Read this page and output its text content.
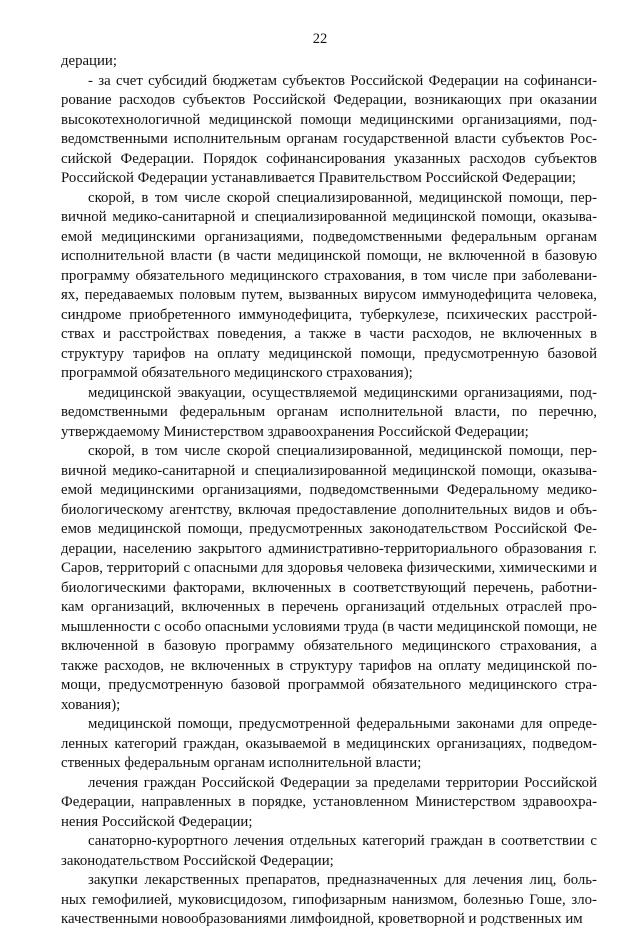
22

дерации;

- за счет субсидий бюджетам субъектов Российской Федерации на софинанси-рование расходов субъектов Российской Федерации, возникающих при оказании высокотехнологичной медицинской помощи медицинскими организациями, под-ведомственными исполнительным органам государственной власти субъектов Рос-сийской Федерации. Порядок софинансирования указанных расходов субъектов Российской Федерации устанавливается Правительством Российской Федерации;

скорой, в том числе скорой специализированной, медицинской помощи, пер-вичной медико-санитарной и специализированной медицинской помощи, оказыва-емой медицинскими организациями, подведомственными федеральным органам исполнительной власти (в части медицинской помощи, не включенной в базовую программу обязательного медицинского страхования, в том числе при заболевани-ях, передаваемых половым путем, вызванных вирусом иммунодефицита человека, синдроме приобретенного иммунодефицита, туберкулезе, психических расстрой-ствах и расстройствах поведения, а также в части расходов, не включенных в структуру тарифов на оплату медицинской помощи, предусмотренную базовой программой обязательного медицинского страхования);

медицинской эвакуации, осуществляемой медицинскими организациями, под-ведомственными федеральным органам исполнительной власти, по перечню, утверждаемому Министерством здравоохранения Российской Федерации;

скорой, в том числе скорой специализированной, медицинской помощи, пер-вичной медико-санитарной и специализированной медицинской помощи, оказыва-емой медицинскими организациями, подведомственными Федеральному медико-биологическому агентству, включая предоставление дополнительных видов и объ-емов медицинской помощи, предусмотренных законодательством Российской Фе-дерации, населению закрытого административно-территориального образования г. Саров, территорий с опасными для здоровья человека физическими, химическими и биологическими факторами, включенных в соответствующий перечень, работни-кам организаций, включенных в перечень организаций отдельных отраслей про-мышленности с особо опасными условиями труда (в части медицинской помощи, не включенной в базовую программу обязательного медицинского страхования, а также расходов, не включенных в структуру тарифов на оплату медицинской по-мощи, предусмотренную базовой программой обязательного медицинского стра-хования);

медицинской помощи, предусмотренной федеральными законами для опреде-ленных категорий граждан, оказываемой в медицинских организациях, подведом-ственных федеральным органам исполнительной власти;

лечения граждан Российской Федерации за пределами территории Российской Федерации, направленных в порядке, установленном Министерством здравоохра-нения Российской Федерации;

санаторно-курортного лечения отдельных категорий граждан в соответствии с законодательством Российской Федерации;

закупки лекарственных препаратов, предназначенных для лечения лиц, боль-ных гемофилией, муковисцидозом, гипофизарным нанизмом, болезнью Гоше, зло-качественными новообразованиями лимфоидной, кроветворной и родственных им
